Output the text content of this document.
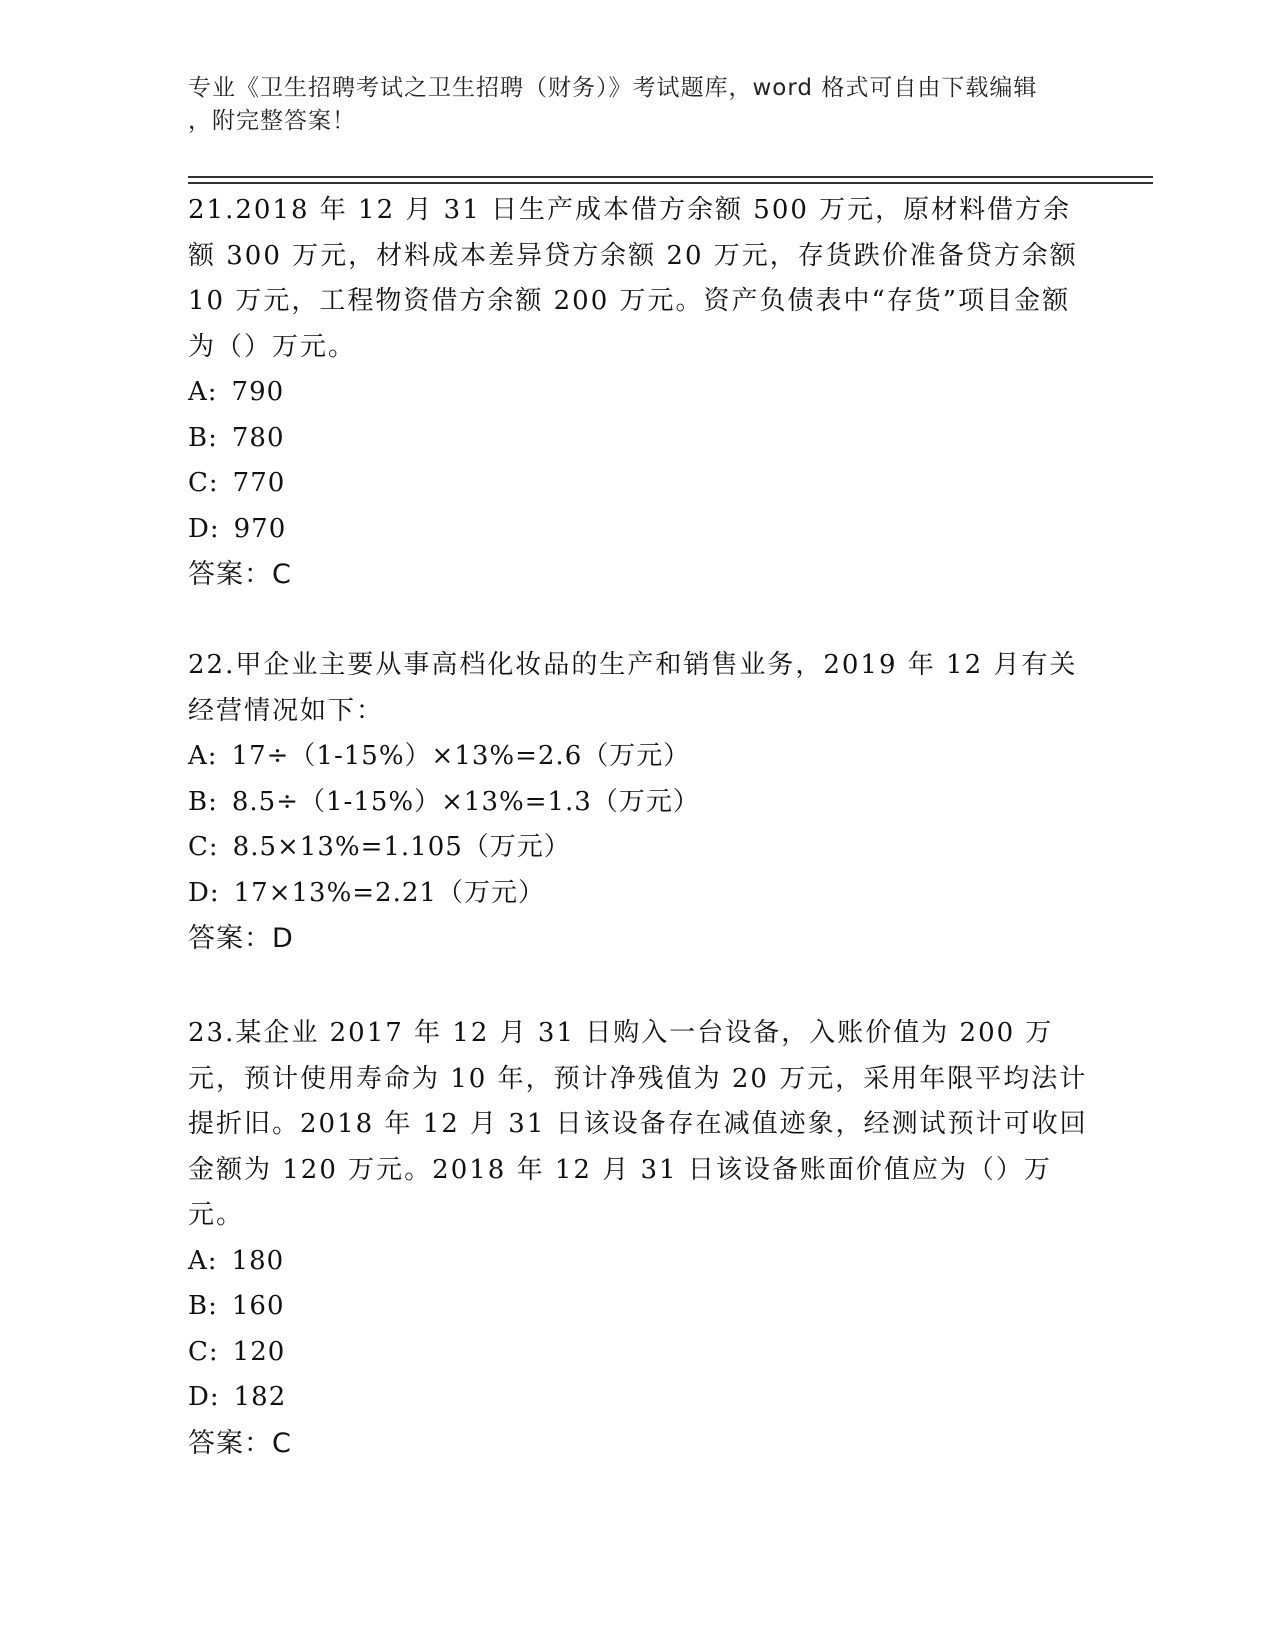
专业《卫生招聘考试之卫生招聘（财务）》考试题库，word 格式可自由下载编辑
，附完整答案！

21.2018 年 12 月 31 日生产成本借方余额 500 万元，原材料借方余额 300 万元，材料成本差异贷方余额 20 万元，存货跌价准备贷方余额 10 万元，工程物资借方余额 200 万元。资产负债表中“存货”项目金额为（）万元。

A: 790

B: 780

C: 770

D: 970

答案：C

22.甲企业主要从事高档化妆品的生产和销售业务，2019 年 12 月有关经营情况如下：

A: 17÷（1-15%）×13%=2.6（万元）

B: 8.5÷（1-15%）×13%=1.3（万元）

C: 8.5×13%=1.105（万元）

D: 17×13%=2.21（万元）

答案：D

23.某企业 2017 年 12 月 31 日购入一台设备，入账价值为 200 万元，预计使用寿命为 10 年，预计净残值为 20 万元，采用年限平均法计提折旧。2018 年 12 月 31 日该设备存在减值迹象，经测试预计可收回金额为 120 万元。2018 年 12 月 31 日该设备账面价值应为（）万元。

A: 180

B: 160

C: 120

D: 182

答案：C
